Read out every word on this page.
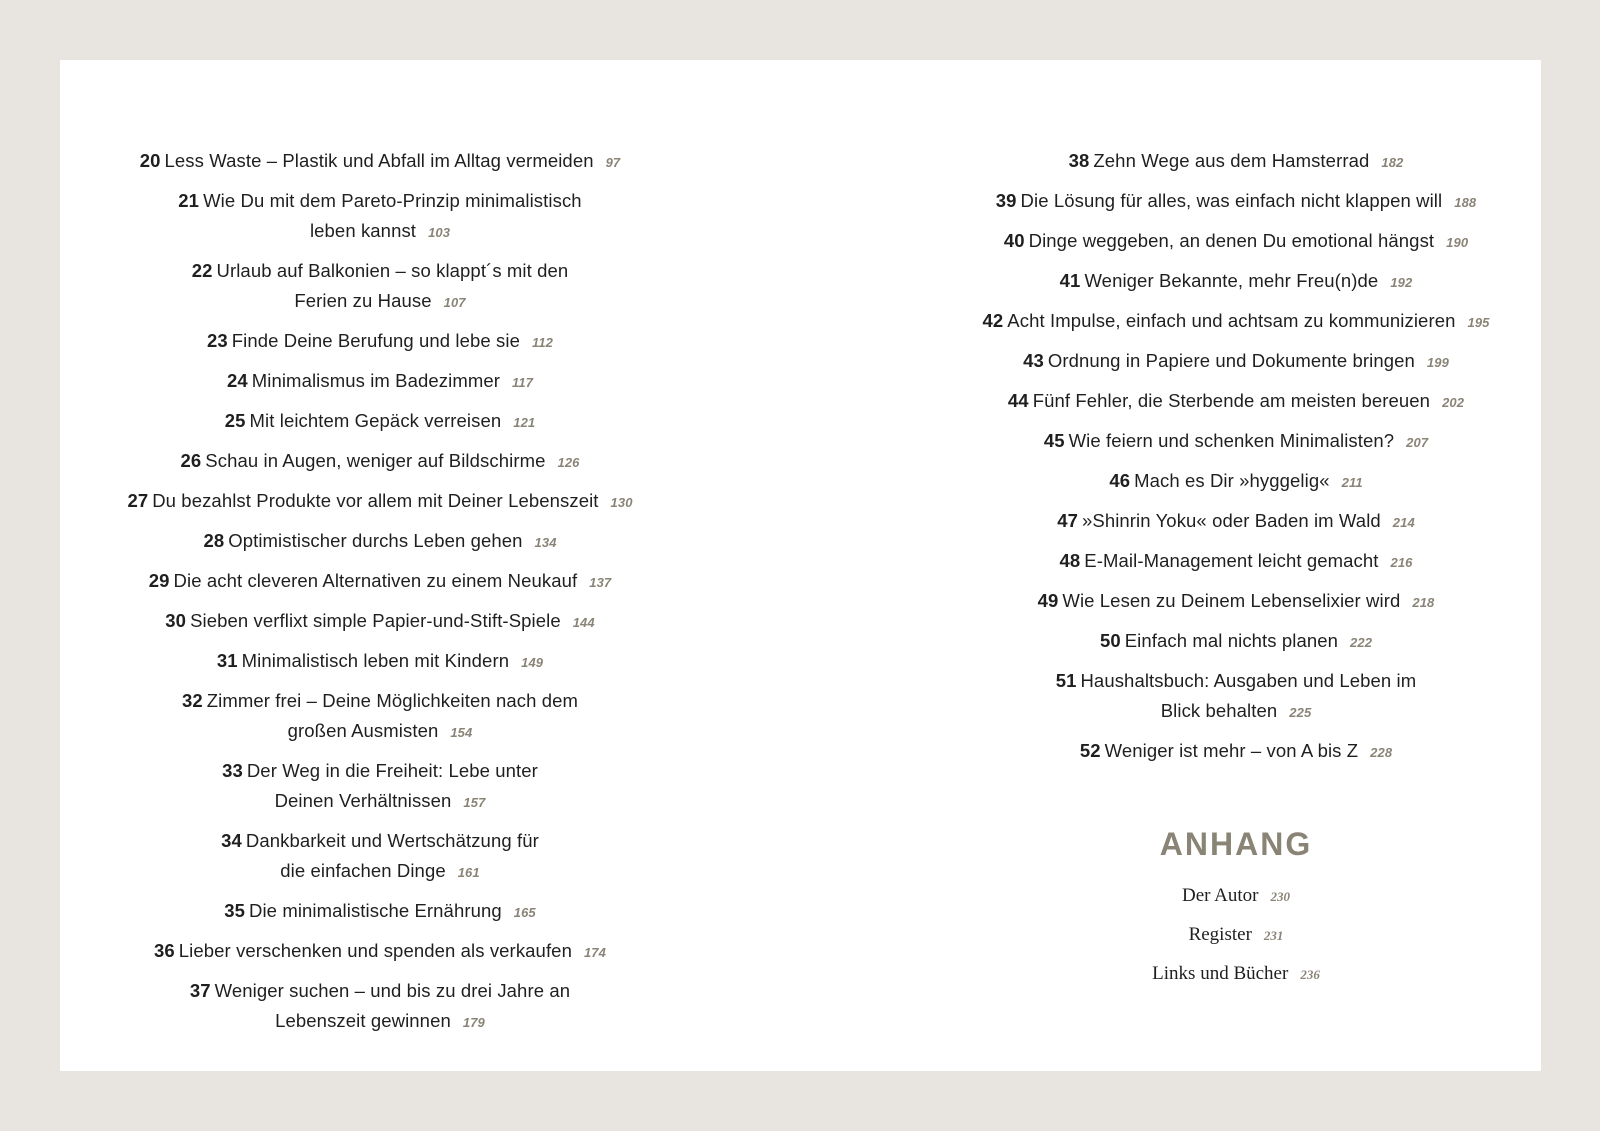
20 Less Waste – Plastik und Abfall im Alltag vermeiden 97
21 Wie Du mit dem Pareto-Prinzip minimalistisch
leben kannst 103
22 Urlaub auf Balkonien – so klappt´s mit den
Ferien zu Hause 107
23 Finde Deine Berufung und lebe sie 112
24 Minimalismus im Badezimmer 117
25 Mit leichtem Gepäck verreisen 121
26 Schau in Augen, weniger auf Bildschirme 126
27 Du bezahlst Produkte vor allem mit Deiner Lebenszeit 130
28 Optimistischer durchs Leben gehen 134
29 Die acht cleveren Alternativen zu einem Neukauf 137
30 Sieben verflixt simple Papier-und-Stift-Spiele 144
31 Minimalistisch leben mit Kindern 149
32 Zimmer frei – Deine Möglichkeiten nach dem
großen Ausmisten 154
33 Der Weg in die Freiheit: Lebe unter
Deinen Verhältnissen 157
34 Dankbarkeit und Wertschätzung für
die einfachen Dinge 161
35 Die minimalistische Ernährung 165
36 Lieber verschenken und spenden als verkaufen 174
37 Weniger suchen – und bis zu drei Jahre an
Lebenszeit gewinnen 179
38 Zehn Wege aus dem Hamsterrad 182
39 Die Lösung für alles, was einfach nicht klappen will 188
40 Dinge weggeben, an denen Du emotional hängst 190
41 Weniger Bekannte, mehr Freu(n)de 192
42 Acht Impulse, einfach und achtsam zu kommunizieren 195
43 Ordnung in Papiere und Dokumente bringen 199
44 Fünf Fehler, die Sterbende am meisten bereuen 202
45 Wie feiern und schenken Minimalisten? 207
46 Mach es Dir »hyggelig« 211
47 »Shinrin Yoku« oder Baden im Wald 214
48 E-Mail-Management leicht gemacht 216
49 Wie Lesen zu Deinem Lebenselixier wird 218
50 Einfach mal nichts planen 222
51 Haushaltsbuch: Ausgaben und Leben im
Blick behalten 225
52 Weniger ist mehr – von A bis Z 228
ANHANG
Der Autor 230
Register 231
Links und Bücher 236
